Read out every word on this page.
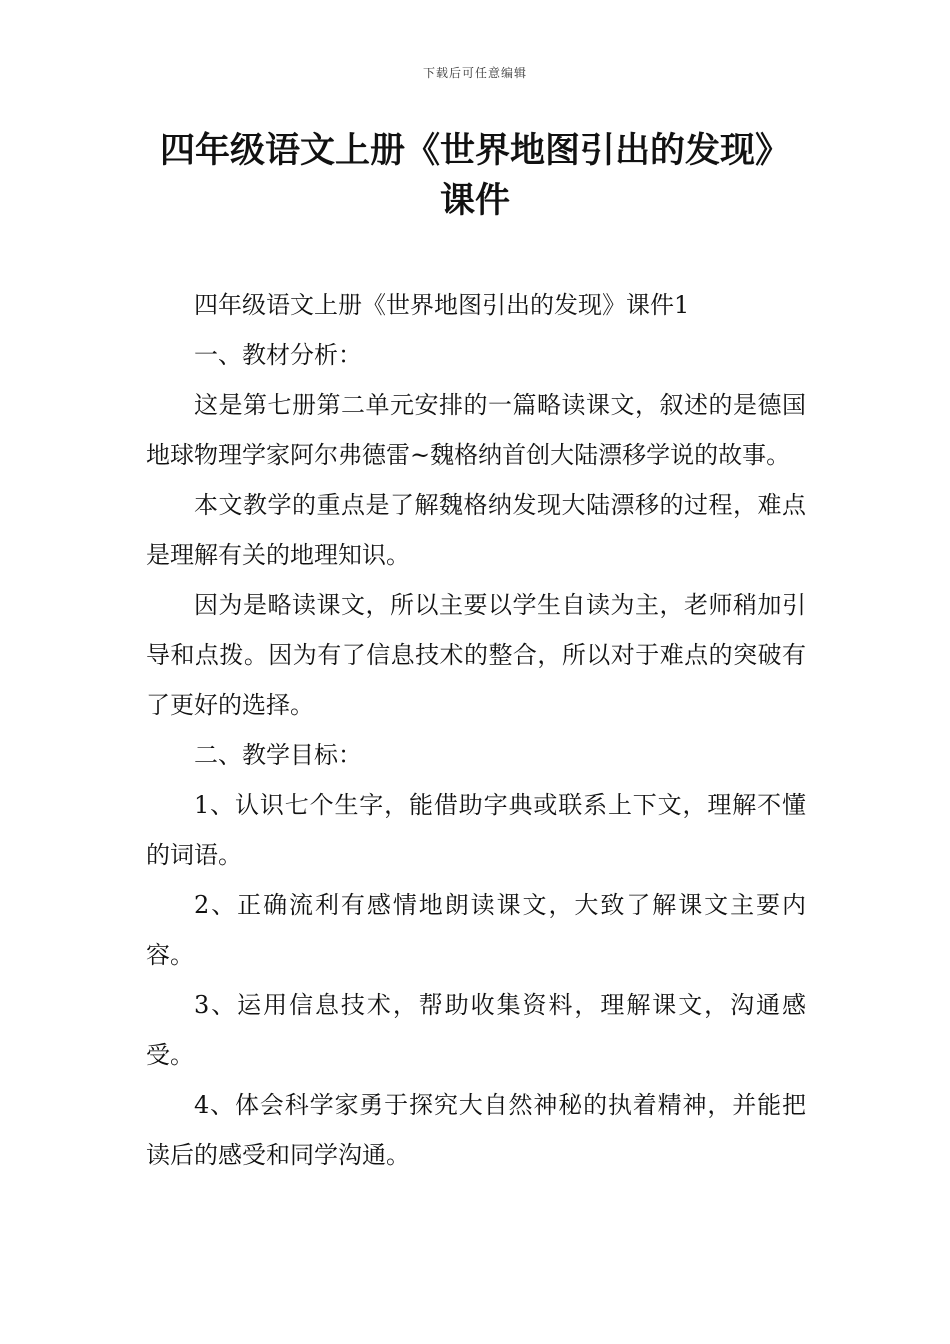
下载后可任意编辑
四年级语文上册《世界地图引出的发现》
课件

四年级语文上册《世界地图引出的发现》课件1

一、教材分析：

这是第七册第二单元安排的一篇略读课文，叙述的是德国地球物理学家阿尔弗德雷~魏格纳首创大陆漂移学说的故事。

本文教学的重点是了解魏格纳发现大陆漂移的过程，难点是理解有关的地理知识。

因为是略读课文，所以主要以学生自读为主，老师稍加引导和点拨。因为有了信息技术的整合，所以对于难点的突破有了更好的选择。

二、教学目标：

1、认识七个生字，能借助字典或联系上下文，理解不懂的词语。

2、正确流利有感情地朗读课文，大致了解课文主要内容。

3、运用信息技术，帮助收集资料，理解课文，沟通感受。

4、体会科学家勇于探究大自然神秘的执着精神，并能把读后的感受和同学沟通。
